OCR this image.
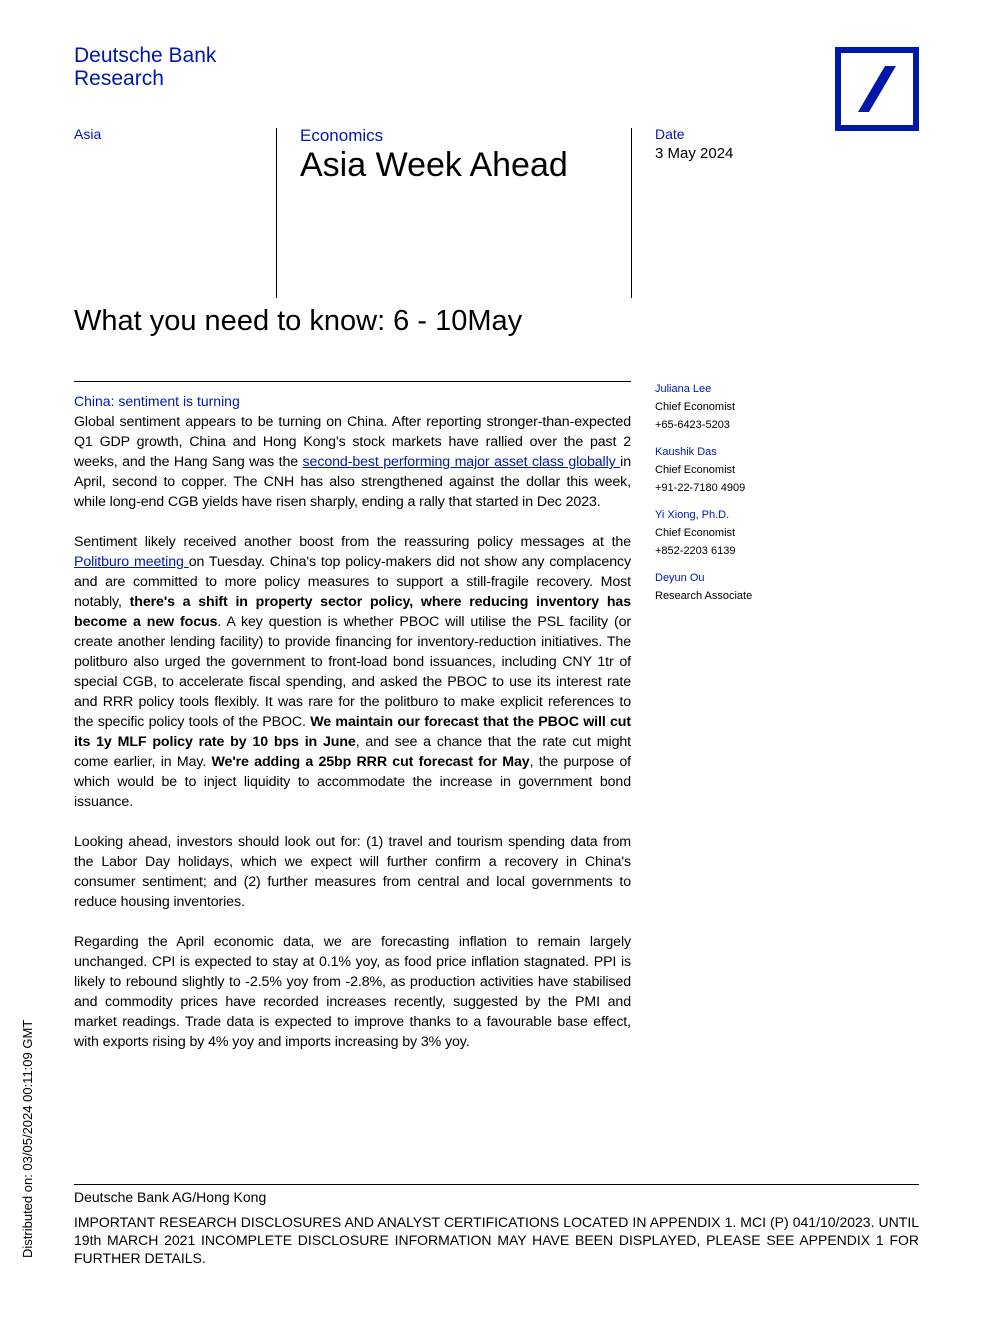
Deutsche Bank
Research
Asia	Economics
Asia Week Ahead
Date
3 May 2024
What you need to know: 6 - 10May
China: sentiment is turning

Global sentiment appears to be turning on China. After reporting stronger-than-expected Q1 GDP growth, China and Hong Kong's stock markets have rallied over the past 2 weeks, and the Hang Sang was the second-best performing major asset class globally in April, second to copper. The CNH has also strengthened against the dollar this week, while long-end CGB yields have risen sharply, ending a rally that started in Dec 2023.

Sentiment likely received another boost from the reassuring policy messages at the Politburo meeting on Tuesday. China's top policy-makers did not show any complacency and are committed to more policy measures to support a still-fragile recovery. Most notably, there's a shift in property sector policy, where reducing inventory has become a new focus. A key question is whether PBOC will utilise the PSL facility (or create another lending facility) to provide financing for inventory-reduction initiatives. The politburo also urged the government to front-load bond issuances, including CNY 1tr of special CGB, to accelerate fiscal spending, and asked the PBOC to use its interest rate and RRR policy tools flexibly. It was rare for the politburo to make explicit references to the specific policy tools of the PBOC. We maintain our forecast that the PBOC will cut its 1y MLF policy rate by 10 bps in June, and see a chance that the rate cut might come earlier, in May. We're adding a 25bp RRR cut forecast for May, the purpose of which would be to inject liquidity to accommodate the increase in government bond issuance.

Looking ahead, investors should look out for: (1) travel and tourism spending data from the Labor Day holidays, which we expect will further confirm a recovery in China's consumer sentiment; and (2) further measures from central and local governments to reduce housing inventories.

Regarding the April economic data, we are forecasting inflation to remain largely unchanged. CPI is expected to stay at 0.1% yoy, as food price inflation stagnated. PPI is likely to rebound slightly to -2.5% yoy from -2.8%, as production activities have stabilised and commodity prices have recorded increases recently, suggested by the PMI and market readings. Trade data is expected to improve thanks to a favourable base effect, with exports rising by 4% yoy and imports increasing by 3% yoy.

Juliana Lee
Chief Economist
+65-6423-5203
Kaushik Das
Chief Economist
+91-22-7180 4909
Yi Xiong, Ph.D.
Chief Economist
+852-2203 6139
Deyun Ou
Research Associate
Distributed on: 03/05/2024 00:11:09 GMT	Deutsche Bank AG/Hong Kong
IMPORTANT RESEARCH DISCLOSURES AND ANALYST CERTIFICATIONS LOCATED IN APPENDIX 1. MCI (P) 041/10/2023. UNTIL 19th MARCH 2021 INCOMPLETE DISCLOSURE INFORMATION MAY HAVE BEEN DISPLAYED, PLEASE SEE APPENDIX 1 FOR FURTHER DETAILS.
